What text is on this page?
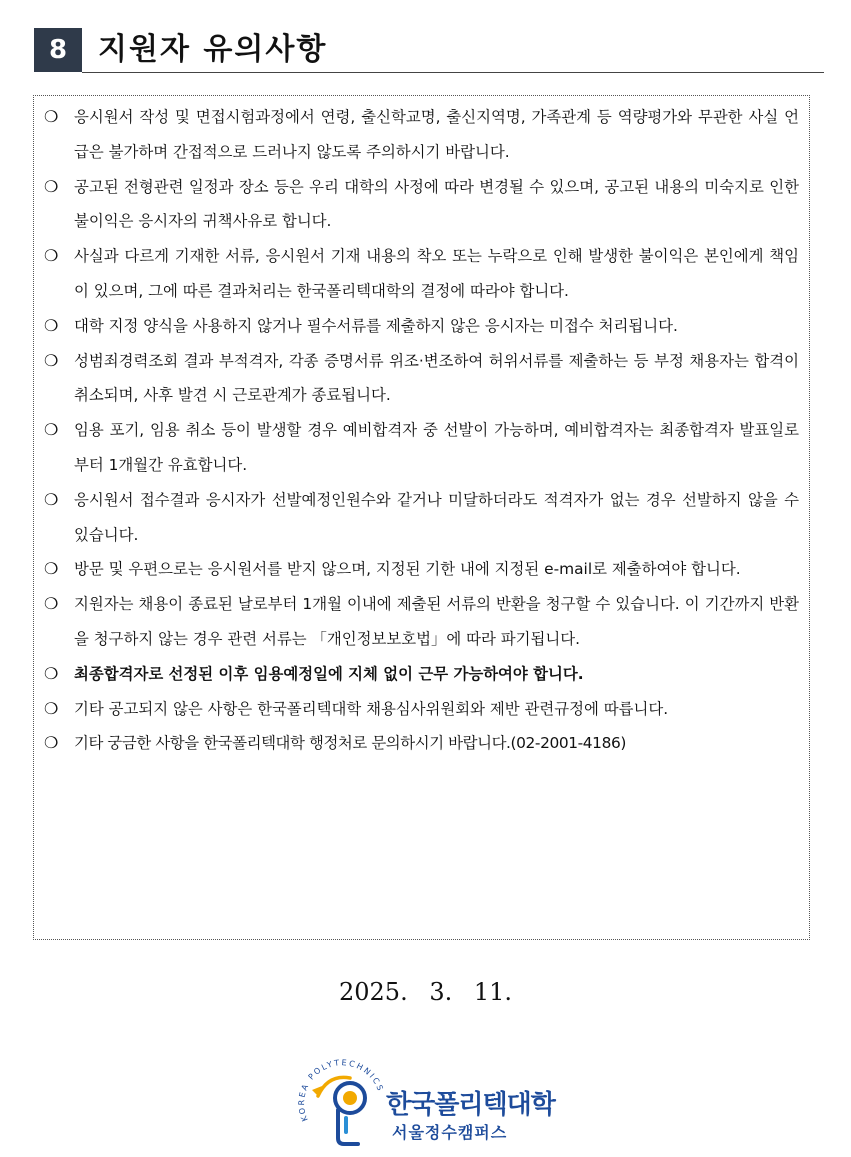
8	지원자 유의사항
❍ 응시원서 작성 및 면접시험과정에서 연령, 출신학교명, 출신지역명, 가족관계 등 역량평가와 무관한 사실 언급은 불가하며 간접적으로 드러나지 않도록 주의하시기 바랍니다.
❍ 공고된 전형관련 일정과 장소 등은 우리 대학의 사정에 따라 변경될 수 있으며, 공고된 내용의 미숙지로 인한 불이익은 응시자의 귀책사유로 합니다.
❍ 사실과 다르게 기재한 서류, 응시원서 기재 내용의 착오 또는 누락으로 인해 발생한 불이익은 본인에게 책임이 있으며, 그에 따른 결과처리는 한국폴리텍대학의 결정에 따라야 합니다.
❍ 대학 지정 양식을 사용하지 않거나 필수서류를 제출하지 않은 응시자는 미접수 처리됩니다.
❍ 성범죄경력조회 결과 부적격자, 각종 증명서류 위조·변조하여 허위서류를 제출하는 등 부정 채용자는 합격이 취소되며, 사후 발견 시 근로관계가 종료됩니다.
❍ 임용 포기, 임용 취소 등이 발생할 경우 예비합격자 중 선발이 가능하며, 예비합격자는 최종합격자 발표일로부터 1개월간 유효합니다.
❍ 응시원서 접수결과 응시자가 선발예정인원수와 같거나 미달하더라도 적격자가 없는 경우 선발하지 않을 수 있습니다.
❍ 방문 및 우편으로는 응시원서를 받지 않으며, 지정된 기한 내에 지정된 e-mail로 제출하여야 합니다.
❍ 지원자는 채용이 종료된 날로부터 1개월 이내에 제출된 서류의 반환을 청구할 수 있습니다. 이 기간까지 반환을 청구하지 않는 경우 관련 서류는 「개인정보보호법」에 따라 파기됩니다.
❍ 최종합격자로 선정된 이후 임용예정일에 지체 없이 근무 가능하여야 합니다.
❍ 기타 공고되지 않은 사항은 한국폴리텍대학 채용심사위원회와 제반 관련규정에 따릅니다.
❍ 기타 궁금한 사항을 한국폴리텍대학 행정처로 문의하시기 바랍니다.(02-2001-4186)
2025. 3. 11.
KOREA POLYTECHNICS
한국폴리텍대학
서울정수캠퍼스
